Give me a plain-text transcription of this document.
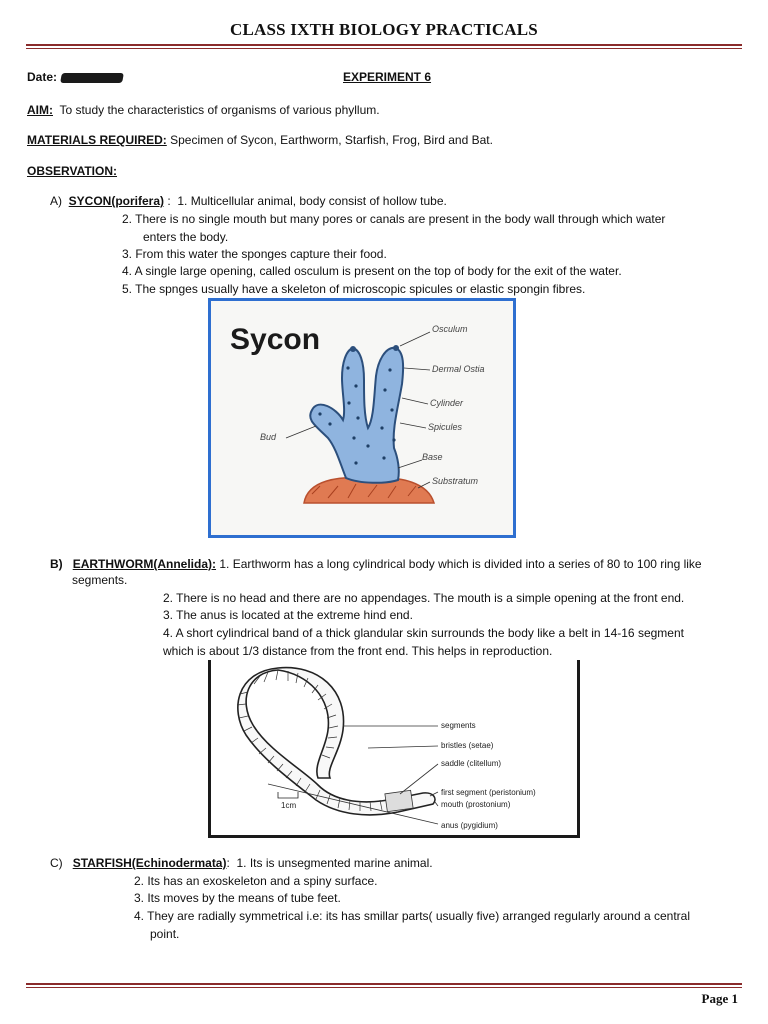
CLASS IXTH BIOLOGY PRACTICALS
Date:	EXPERIMENT 6
AIM: To study the characteristics of organisms of various phyllum.
MATERIALS REQUIRED: Specimen of Sycon, Earthworm, Starfish, Frog, Bird and Bat.
OBSERVATION:
A) SYCON(porifera) : 1. Multicellular animal, body consist of hollow tube.
2. There is no single mouth but many pores or canals are present in the body wall through which water
enters the body.
3. From this water the sponges capture their food.
4. A single large opening, called osculum is present on the top of body for the exit of the water.
5. The spnges usually have a skeleton of microscopic spicules or elastic spongin fibres.
Sycon	Osculum
Dermal Ostia
Cylinder
Spicules
Base
Substratum
Bud
B) EARTHWORM(Annelida): 1. Earthworm has a long cylindrical body which is divided into a series of 80 to 100 ring like
segments.
2. There is no head and there are no appendages. The mouth is a simple opening at the front end.
3. The anus is located at the extreme hind end.
4. A short cylindrical band of a thick glandular skin surrounds the body like a belt in 14-16 segment
which is about 1/3 distance from the front end. This helps in reproduction.
segments
bristles (setae)
saddle (clitellum)
first segment (peristonium)
mouth (prostonium)
anus (pygidium)
1cm
C) STARFISH(Echinodermata): 1. Its is unsegmented marine animal.
2. Its has an exoskeleton and a spiny surface.
3. Its moves by the means of tube feet.
4. They are radially symmetrical i.e: its has smillar parts( usually five) arranged regularly around a central
point.
Page 1
